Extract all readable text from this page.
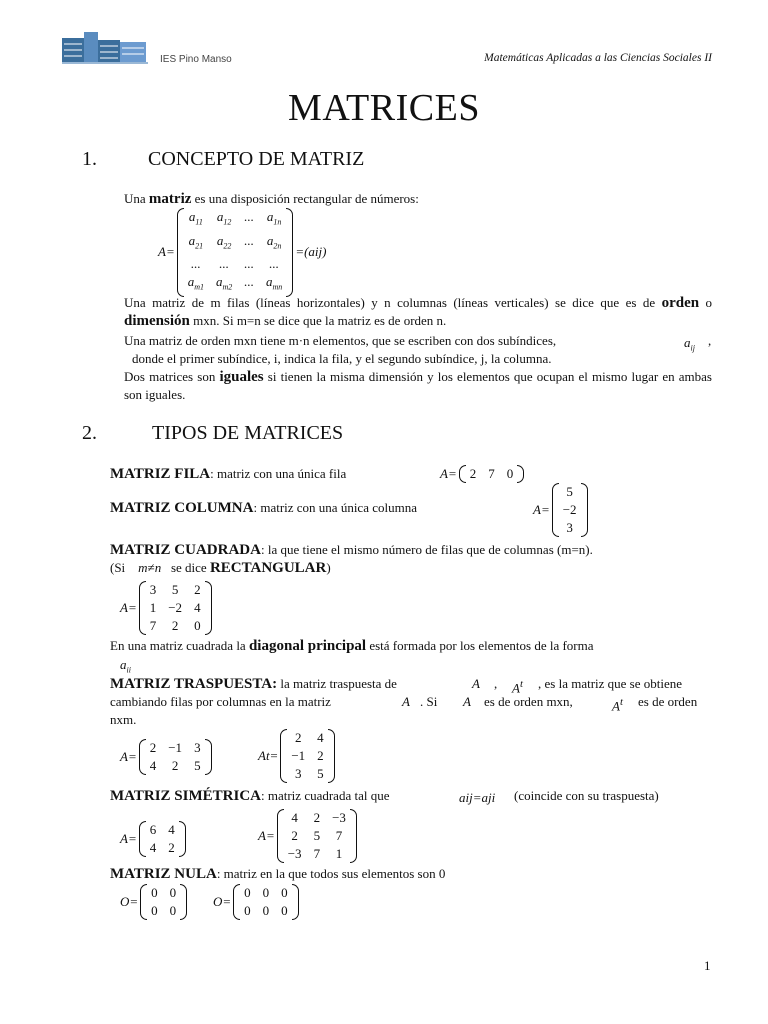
IES Pino Manso	Matemáticas Aplicadas a las Ciencias Sociales II
MATRICES
1.	CONCEPTO DE MATRIZ
Una matriz es una disposición rectangular de números:
A=
$a_{11}$ $a_{12}$ ... $a_{1n}$
$a_{21}$ $a_{22}$ ... $a_{2n}$
... ... ... ...
$a_{m1}$ $a_{m2}$ ... $a_{mn}$
=(aij)
Una matriz de m filas (líneas horizontales) y n columnas (líneas verticales) se dice que es de orden o dimensión mxn. Si m=n se dice que la matriz es de orden n.
Una matriz de orden mxn tiene m·n elementos, que se escriben con dos subíndices,	$a_{ij}$
,
donde el primer subíndice, i, indica la fila, y el segundo subíndice, j, la columna.
Dos matrices son iguales si tienen la misma dimensión y los elementos que ocupan el mismo lugar en ambas son iguales.
2.	TIPOS DE MATRICES
MATRIZ FILA: matriz con una única fila	A= 2 7 0
MATRIZ COLUMNA: matriz con una única columna	A=
5
−2
3
MATRIZ CUADRADA: la que tiene el mismo número de filas que de columnas (m=n).
(Si m≠n se dice RECTANGULAR)
A=
3 5 2
1 −2 4
7 2 0
En una matriz cuadrada la diagonal principal está formada por los elementos de la forma
$a_{ii}$
MATRIZ TRASPUESTA: la matriz traspuesta de	A , $A^t$ , es la matriz que se obtiene
cambiando filas por columnas en la matriz	A . Si A es de orden mxn,	$A^t$ es de orden
nxm.
A=
2 −1 3
4 2 5
At=
2 4
−1 2
3 5
MATRIZ SIMÉTRICA: matriz cuadrada tal que	aij=aji (coincide con su traspuesta)
A=
6 4
4 2
A=
4 2 −3
2 5 7
−3 7 1
MATRIZ NULA: matriz en la que todos sus elementos son 0
O=
0 0
0 0
O=
0 0 0
0 0 0
1
